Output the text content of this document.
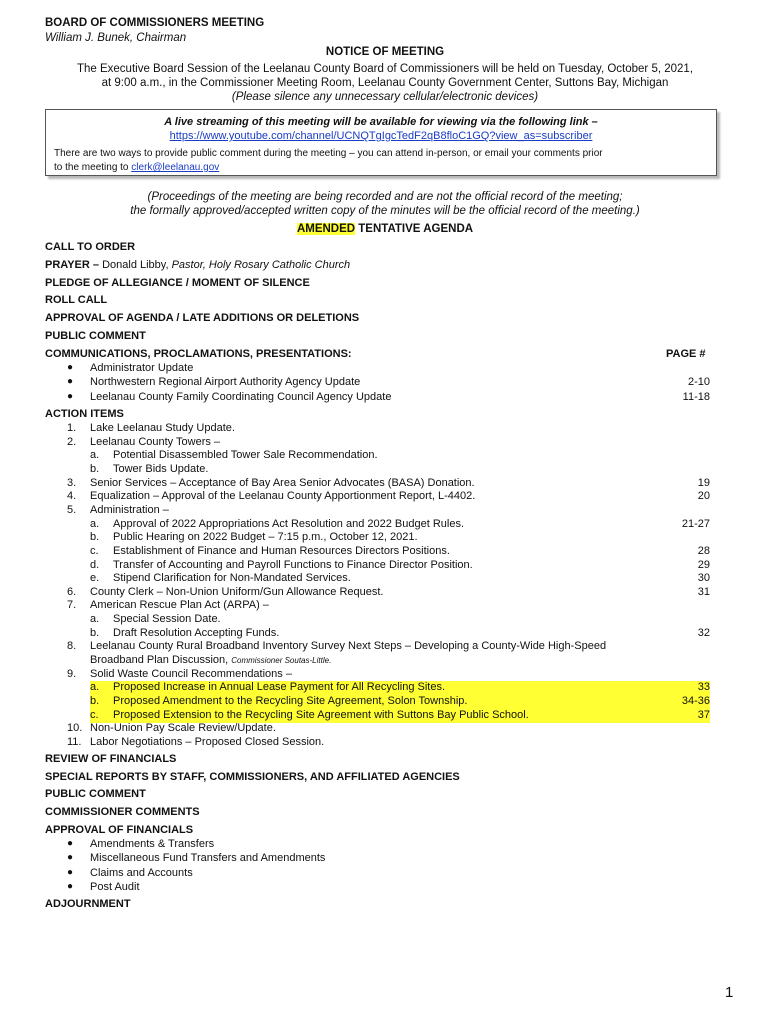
BOARD OF COMMISSIONERS MEETING
William J. Bunek, Chairman
NOTICE OF MEETING
The Executive Board Session of the Leelanau County Board of Commissioners will be held on Tuesday, October 5, 2021,
at 9:00 a.m., in the Commissioner Meeting Room, Leelanau County Government Center, Suttons Bay, Michigan
(Please silence any unnecessary cellular/electronic devices)
A live streaming of this meeting will be available for viewing via the following link –
https://www.youtube.com/channel/UCNQTgIgcTedF2qB8floC1GQ?view_as=subscriber
There are two ways to provide public comment during the meeting – you can attend in-person, or email your comments prior
to the meeting to clerk@leelanau.gov
(Proceedings of the meeting are being recorded and are not the official record of the meeting;
the formally approved/accepted written copy of the minutes will be the official record of the meeting.)
AMENDED TENTATIVE AGENDA
CALL TO ORDER
PRAYER – Donald Libby, Pastor, Holy Rosary Catholic Church
PLEDGE OF ALLEGIANCE / MOMENT OF SILENCE
ROLL CALL
APPROVAL OF AGENDA / LATE ADDITIONS OR DELETIONS
PUBLIC COMMENT
COMMUNICATIONS, PROCLAMATIONS, PRESENTATIONS:	PAGE #
● Administrator Update
● Northwestern Regional Airport Authority Agency Update	2-10
● Leelanau County Family Coordinating Council Agency Update	11-18
ACTION ITEMS
1. Lake Leelanau Study Update.
2. Leelanau County Towers –
a. Potential Disassembled Tower Sale Recommendation.
b. Tower Bids Update.
3. Senior Services – Acceptance of Bay Area Senior Advocates (BASA) Donation.	19
4. Equalization – Approval of the Leelanau County Apportionment Report, L-4402.	20
5. Administration –
a. Approval of 2022 Appropriations Act Resolution and 2022 Budget Rules.	21-27
b. Public Hearing on 2022 Budget – 7:15 p.m., October 12, 2021.
c. Establishment of Finance and Human Resources Directors Positions.	28
d. Transfer of Accounting and Payroll Functions to Finance Director Position.	29
e. Stipend Clarification for Non-Mandated Services.	30
6. County Clerk – Non-Union Uniform/Gun Allowance Request.	31
7. American Rescue Plan Act (ARPA) –
a. Special Session Date.
b. Draft Resolution Accepting Funds.	32
8. Leelanau County Rural Broadband Inventory Survey Next Steps – Developing a County-Wide High-Speed
Broadband Plan Discussion, Commissioner Soutas-Little.
9. Solid Waste Council Recommendations –
a. Proposed Increase in Annual Lease Payment for All Recycling Sites.	33
b. Proposed Amendment to the Recycling Site Agreement, Solon Township.	34-36
c. Proposed Extension to the Recycling Site Agreement with Suttons Bay Public School.	37
10. Non-Union Pay Scale Review/Update.
11. Labor Negotiations – Proposed Closed Session.
REVIEW OF FINANCIALS
SPECIAL REPORTS BY STAFF, COMMISSIONERS, AND AFFILIATED AGENCIES
PUBLIC COMMENT
COMMISSIONER COMMENTS
APPROVAL OF FINANCIALS
● Amendments & Transfers
● Miscellaneous Fund Transfers and Amendments
● Claims and Accounts
● Post Audit
ADJOURNMENT
1
